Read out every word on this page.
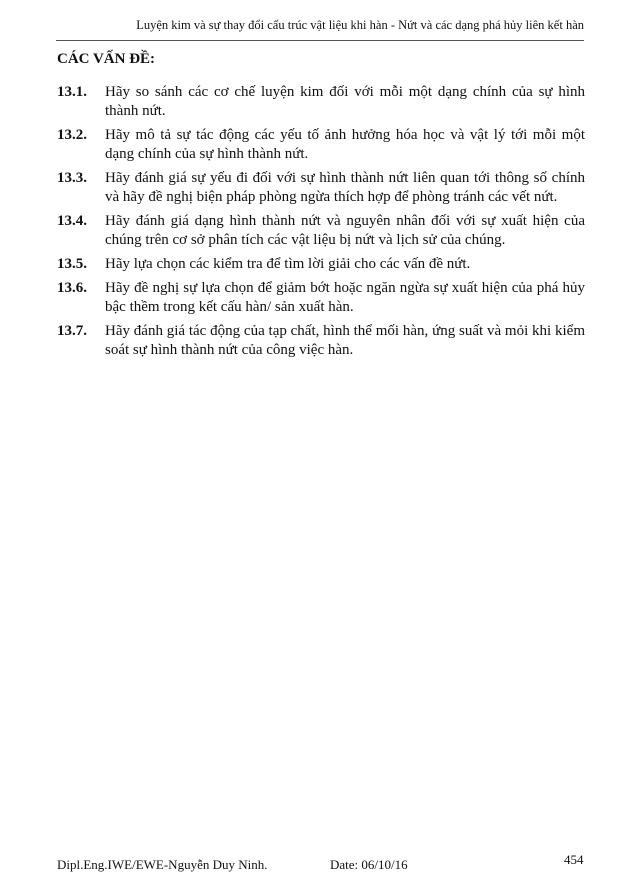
Luyện kim và sự thay đổi cấu trúc vật liệu khi hàn - Nứt và các dạng phá hủy liên kết hàn
CÁC VẤN ĐỀ:
13.1.	Hãy so sánh các cơ chế luyện kim đối với mỗi một dạng chính của sự hình thành nứt.
13.2.	Hãy mô tả sự tác động các yếu tố ảnh hưởng hóa học và vật lý tới mỗi một dạng chính của sự hình thành nứt.
13.3.	Hãy đánh giá sự yếu đi đối với sự hình thành nứt liên quan tới thông số chính và hãy đề nghị biện pháp phòng ngừa thích hợp để phòng tránh các vết nứt.
13.4.	Hãy đánh giá dạng hình thành nứt và nguyên nhân đối với sự xuất hiện của chúng trên cơ sở phân tích các vật liệu bị nứt và lịch sử của chúng.
13.5.	Hãy lựa chọn các kiểm tra để tìm lời giải cho các vấn đề nứt.
13.6.	Hãy đề nghị sự lựa chọn để giảm bớt hoặc ngăn ngừa sự xuất hiện của phá hủy bậc thềm trong kết cấu hàn/ sản xuất hàn.
13.7.	Hãy đánh giá tác động của tạp chất, hình thể mối hàn, ứng suất và mỏi khi kiểm soát sự hình thành nứt của công việc hàn.
Dipl.Eng.IWE/EWE-Nguyễn Duy Ninh.	Date: 06/10/16	454
